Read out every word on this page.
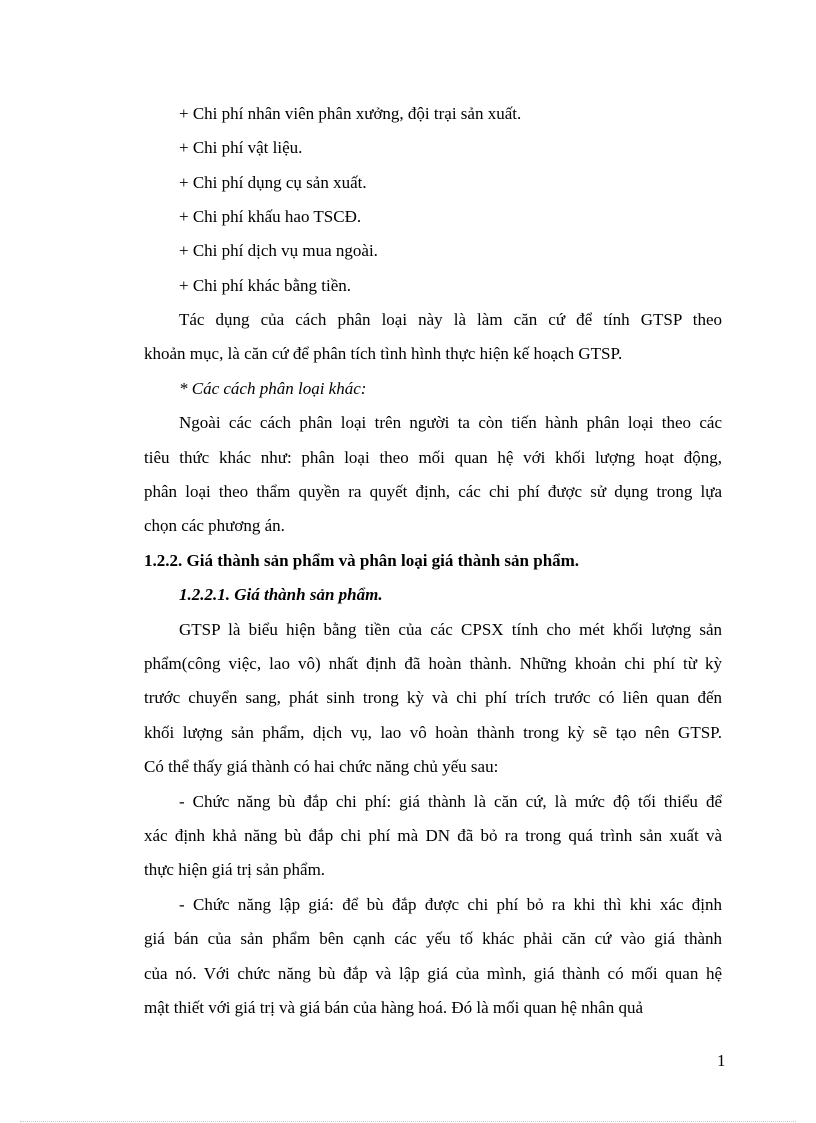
+ Chi phí nhân viên phân xưởng, đội trại sản xuất.
+ Chi phí vật liệu.
+ Chi phí dụng cụ sản xuất.
+ Chi phí khấu hao TSCĐ.
+ Chi phí dịch vụ mua ngoài.
+ Chi phí khác bằng tiền.
Tác dụng của cách phân loại này là làm căn cứ để tính GTSP theo
khoản mục, là căn cứ để phân tích tình hình thực hiện kế hoạch GTSP.
* Các cách phân loại khác:
Ngoài các cách phân loại trên người ta còn tiến hành phân loại theo các
tiêu thức khác như: phân loại theo mối quan hệ với khối lượng hoạt động,
phân loại theo thẩm quyền ra quyết định, các chi phí được sử dụng trong lựa
chọn các phương án.
1.2.2. Giá thành sản phẩm và phân loại giá thành sản phẩm.
1.2.2.1. Giá thành sản phẩm.
GTSP là biểu hiện bằng tiền của các CPSX tính cho mét khối lượng sản
phẩm(công việc, lao vô) nhất định đã hoàn thành. Những khoản chi phí từ kỳ
trước chuyển sang, phát sinh trong kỳ và chi phí trích trước có liên quan đến
khối lượng sản phẩm, dịch vụ, lao vô hoàn thành trong kỳ sẽ tạo nên GTSP.
Có thể thấy giá thành có hai chức năng chủ yếu sau:
- Chức năng bù đắp chi phí: giá thành là căn cứ, là mức độ tối thiểu để
xác định khả năng bù đắp chi phí mà DN đã bỏ ra trong quá trình sản xuất và
thực hiện giá trị sản phẩm.
- Chức năng lập giá: để bù đắp được chi phí bỏ ra khi thì khi xác định
giá bán của sản phẩm bên cạnh các yếu tố khác phải căn cứ vào giá thành
của nó. Với chức năng bù đắp và lập giá của mình, giá thành có mối quan hệ
mật thiết với giá trị và giá bán của hàng hoá. Đó là mối quan hệ nhân quả
1
